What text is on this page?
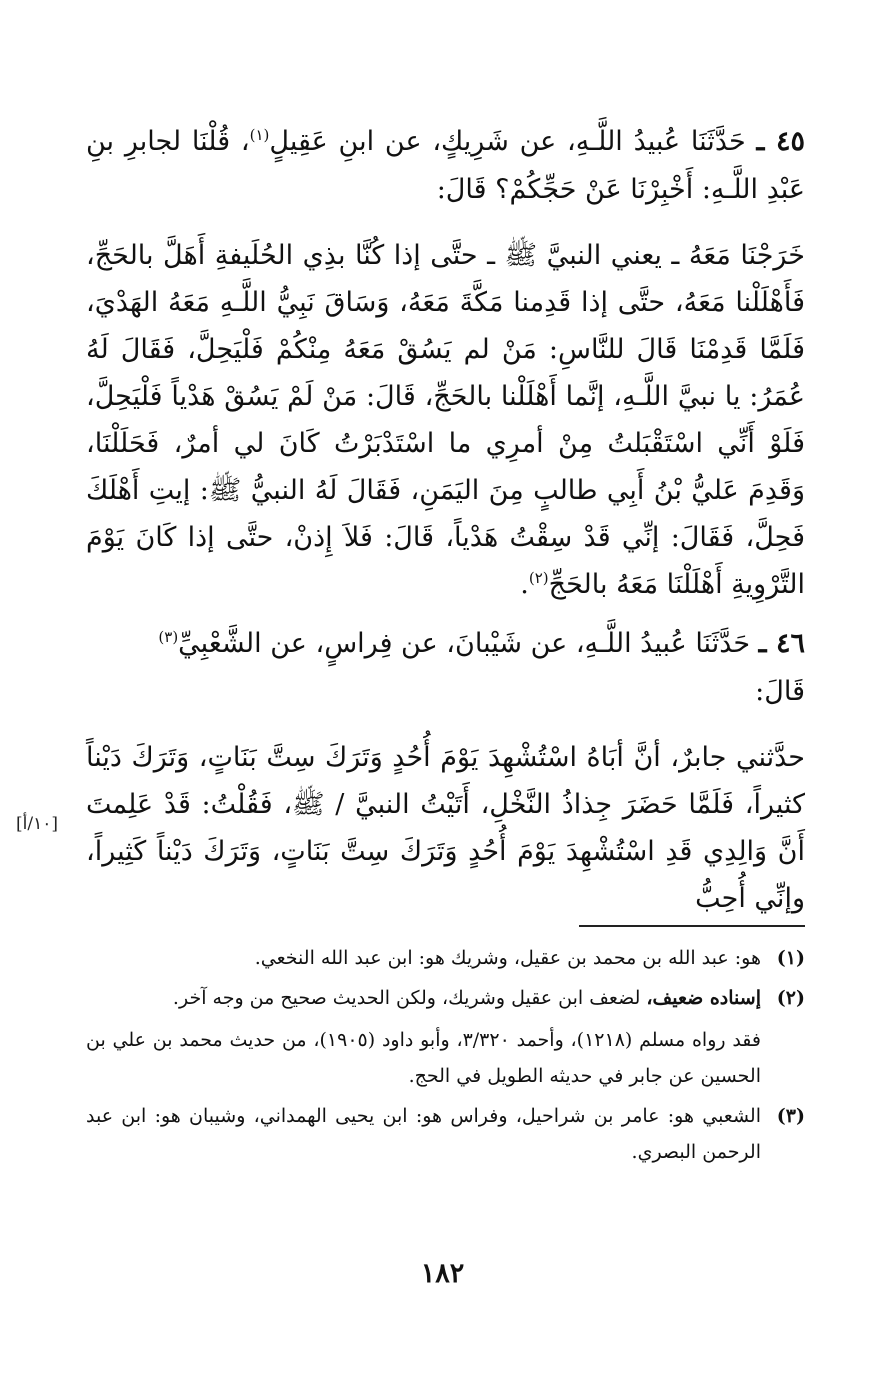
٤٥ ـ حَدَّثَنَا عُبيدُ اللَّـهِ، عن شَرِيكٍ، عن ابنِ عَقِيلٍ$^{(١)}$، قُلْنَا لجابرِ بنِ عَبْدِ اللَّـهِ: أَخْبِرْنَا عَنْ حَجِّكُمْ؟ قَالَ:

خَرَجْنَا مَعَهُ ـ يعني النبيَّ ﷺ ـ حتَّى إذا كُنَّا بذِي الحُلَيفةِ أَهَلَّ بالحَجِّ، فَأَهْلَلْنا مَعَهُ، حتَّى إذا قَدِمنا مَكَّةَ مَعَهُ، وَسَاقَ نَبِيُّ اللَّـهِ مَعَهُ الهَدْيَ، فَلَمَّا قَدِمْنَا قَالَ للنَّاسِ: مَنْ لم يَسُقْ مَعَهُ مِنْكُمْ فَلْيَحِلَّ، فَقَالَ لَهُ عُمَرُ: يا نبيَّ اللَّـهِ، إنَّما أَهْلَلْنا بالحَجِّ، قَالَ: مَنْ لَمْ يَسُقْ هَدْياً فَلْيَحِلَّ، فَلَوْ أَنِّي اسْتَقْبَلتُ مِنْ أمرِي ما اسْتَدْبَرْتُ كَانَ لي أمرٌ، فَحَلَلْنَا، وَقَدِمَ عَليُّ بْنُ أَبِي طالبٍ مِنَ اليَمَنِ، فَقَالَ لَهُ النبيُّ ﷺ: إيتِ أَهْلَكَ فَحِلَّ، فَقَالَ: إنِّي قَدْ سِقْتُ هَدْياً، قَالَ: فَلاَ إِذنْ، حتَّى إذا كَانَ يَوْمَ التَّرْوِيةِ أَهْلَلْنَا مَعَهُ بالحَجِّ$^{(٢)}$.

٤٦ ـ حَدَّثَنَا عُبيدُ اللَّـهِ، عن شَيْبانَ، عن فِراسٍ، عن الشَّعْبِيِّ$^{(٣)}$
قَالَ:

حدَّثني جابرٌ، أنَّ أبَاهُ اسْتُشْهِدَ يَوْمَ أُحُدٍ وَتَرَكَ سِتَّ بَنَاتٍ، وَتَرَكَ دَيْناً كثيراً، فَلَمَّا حَضَرَ جِذاذُ النَّخْلِ، أَتَيْتُ النبيَّ / ﷺ، فَقُلْتُ: قَدْ عَلِمتَ أَنَّ وَالِدِي قَدِ اسْتُشْهِدَ يَوْمَ أُحُدٍ وَتَرَكَ سِتَّ بَنَاتٍ، وَتَرَكَ دَيْناً كَثِيراً، وإنِّي أُحِبُّ

[١٠/أ]
(١)
هو: عبد الله بن محمد بن عقيل، وشريك هو: ابن عبد الله النخعي.
(٢)
إسناده ضعيف، لضعف ابن عقيل وشريك، ولكن الحديث صحيح من وجه آخر.
فقد رواه مسلم (١٢١٨)، وأحمد ٣/٣٢٠، وأبو داود (١٩٠٥)، من حديث محمد بن علي بن الحسين عن جابر في حديثه الطويل في الحج.
(٣)
الشعبي هو: عامر بن شراحيل، وفراس هو: ابن يحيى الهمداني، وشيبان هو: ابن عبد الرحمن البصري.
١٨٢
